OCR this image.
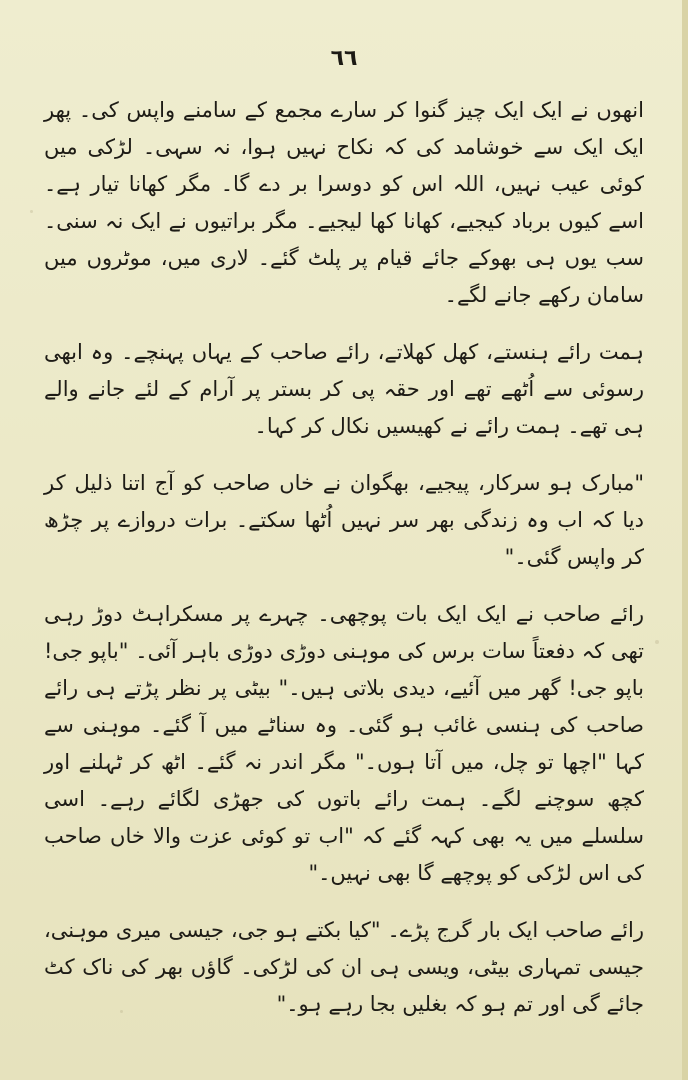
٦٦

انھوں نے ایک ایک چیز گنوا کر سارے مجمع کے سامنے واپس کی۔ پھر ایک ایک سے خوشامد کی کہ نکاح نہیں ہوا، نہ سہی۔ لڑکی میں کوئی عیب نہیں، اللہ اس کو دوسرا بر دے گا۔ مگر کھانا تیار ہے۔ اسے کیوں برباد کیجیے، کھانا کھا لیجیے۔ مگر براتیوں نے ایک نہ سنی۔ سب یوں ہی بھوکے جائے قیام پر پلٹ گئے۔ لاری میں، موٹروں میں سامان رکھے جانے لگے۔

ہمت رائے ہنستے، کھل کھلاتے، رائے صاحب کے یہاں پہنچے۔ وہ ابھی رسوئی سے اُٹھے تھے اور حقہ پی کر بستر پر آرام کے لئے جانے والے ہی تھے۔ ہمت رائے نے کھیسیں نکال کر کہا۔

"مبارک ہو سرکار، پیجیے، بھگوان نے خاں صاحب کو آج اتنا ذلیل کر دیا کہ اب وہ زندگی بھر سر نہیں اُٹھا سکتے۔ برات دروازے پر چڑھ کر واپس گئی۔"

رائے صاحب نے ایک ایک بات پوچھی۔ چہرے پر مسکراہٹ دوڑ رہی تھی کہ دفعتاً سات برس کی موہنی دوڑی دوڑی باہر آئی۔ "باپو جی! باپو جی! گھر میں آئیے، دیدی بلاتی ہیں۔" بیٹی پر نظر پڑتے ہی رائے صاحب کی ہنسی غائب ہو گئی۔ وہ سناٹے میں آ گئے۔ موہنی سے کہا "اچھا تو چل، میں آتا ہوں۔" مگر اندر نہ گئے۔ اٹھ کر ٹہلنے اور کچھ سوچنے لگے۔ ہمت رائے باتوں کی جھڑی لگائے رہے۔ اسی سلسلے میں یہ بھی کہہ گئے کہ "اب تو کوئی عزت والا خاں صاحب کی اس لڑکی کو پوچھے گا بھی نہیں۔"

رائے صاحب ایک بار گرج پڑے۔ "کیا بکتے ہو جی، جیسی میری موہنی، جیسی تمہاری بیٹی، ویسی ہی ان کی لڑکی۔ گاؤں بھر کی ناک کٹ جائے گی اور تم ہو کہ بغلیں بجا رہے ہو۔"
